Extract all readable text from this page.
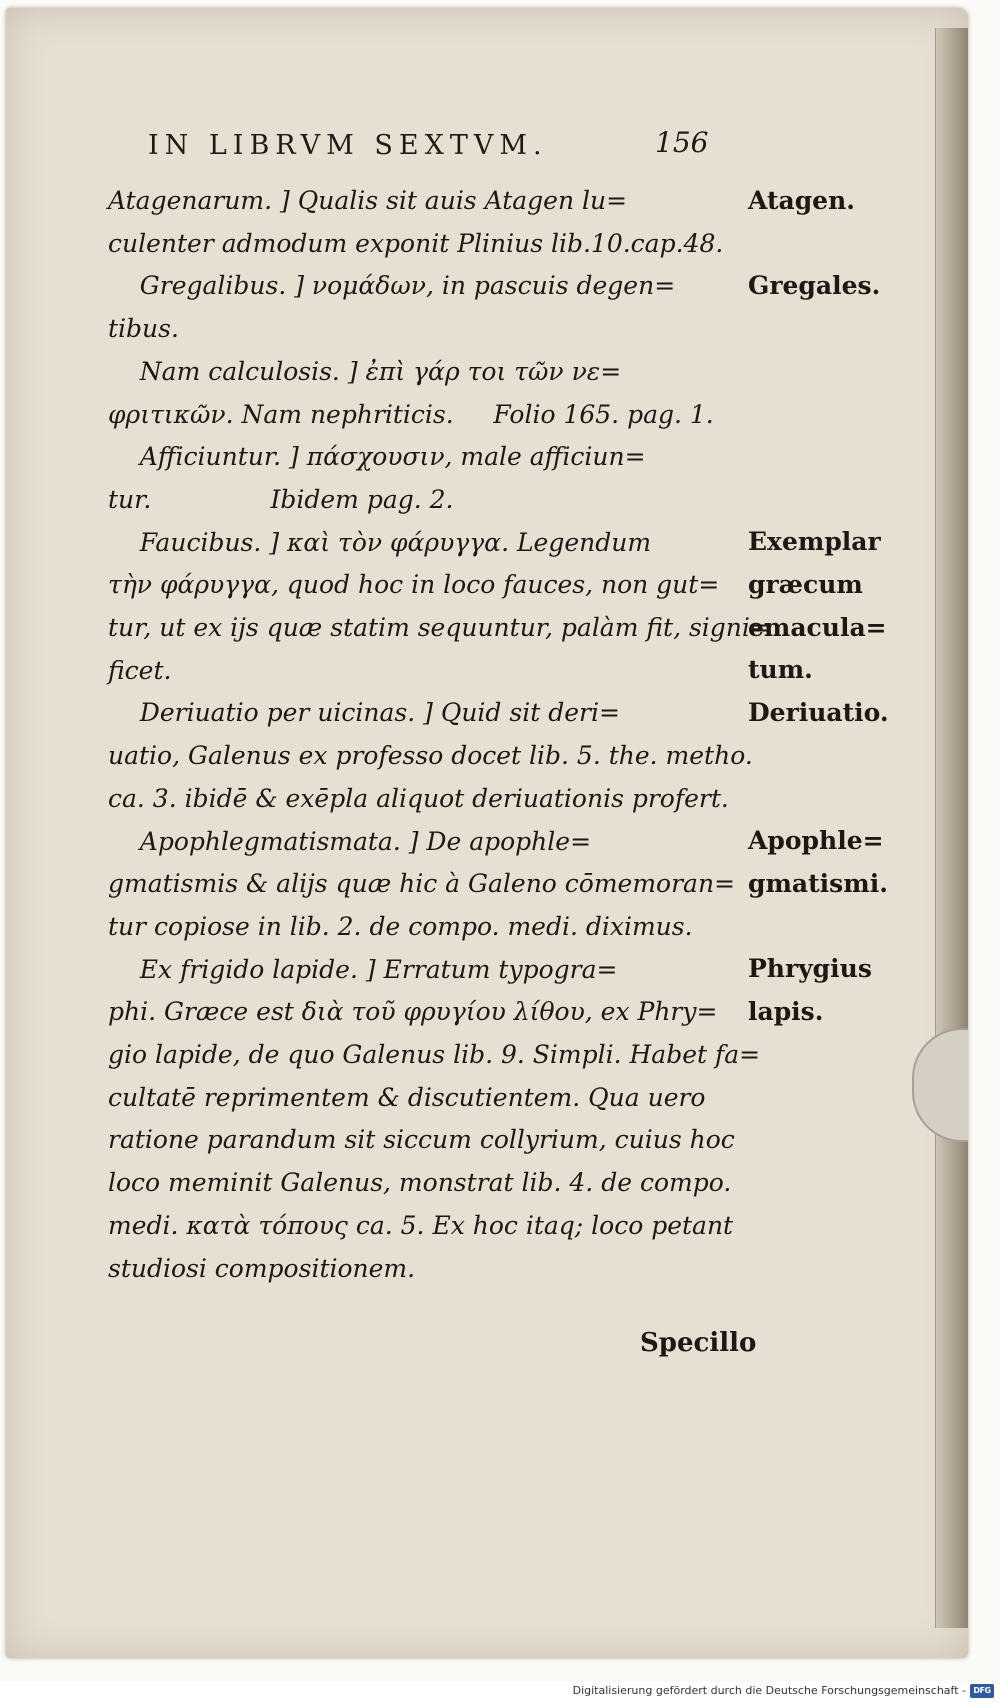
IN LIBRVM SEXTVM.	156
Atagenarum. ] Qualis sit auis Atagen lu=
culenter admodum exponit Plinius lib.10.cap.48.
Gregalibus. ] νομάδων, in pascuis degen=
tibus.
Nam calculosis. ] ἐπὶ γάρ τοι τῶν νε=
φριτικῶν. Nam nephriticis.     Folio 165. pag. 1.
Afficiuntur. ] πάσχουσιν, male afficiun=
tur.               Ibidem pag. 2.
Faucibus. ] καὶ τὸν φάρυγγα. Legendum
τὴν φάρυγγα, quod hoc in loco fauces, non gut=
tur, ut ex ijs quæ statim sequuntur, palàm fit, signi=
ficet.
Deriuatio per uicinas. ] Quid sit deri=
uatio, Galenus ex professo docet lib. 5. the. metho.
ca. 3. ibidē & exēpla aliquot deriuationis profert.
Apophlegmatismata. ] De apophle=
gmatismis & alijs quæ hic à Galeno cōmemoran=
tur copiose in lib. 2. de compo. medi. diximus.
Ex frigido lapide. ] Erratum typogra=
phi. Græce est διὰ τοῦ φρυγίου λίθου, ex Phry=
gio lapide, de quo Galenus lib. 9. Simpli. Habet fa=
cultatē reprimentem & discutientem. Qua uero
ratione parandum sit siccum collyrium, cuius hoc
loco meminit Galenus, monstrat lib. 4. de compo.
medi. κατὰ τόπους ca. 5. Ex hoc itaq; loco petant
studiosi compositionem.
Atagen.
Gregales.
Exemplar
græcum
emacula=
tum.
Deriuatio.
Apophle=
gmatismi.
Phrygius
lapis.
Specillo
Digitalisierung gefördert durch die Deutsche Forschungsgemeinschaft - DFG
